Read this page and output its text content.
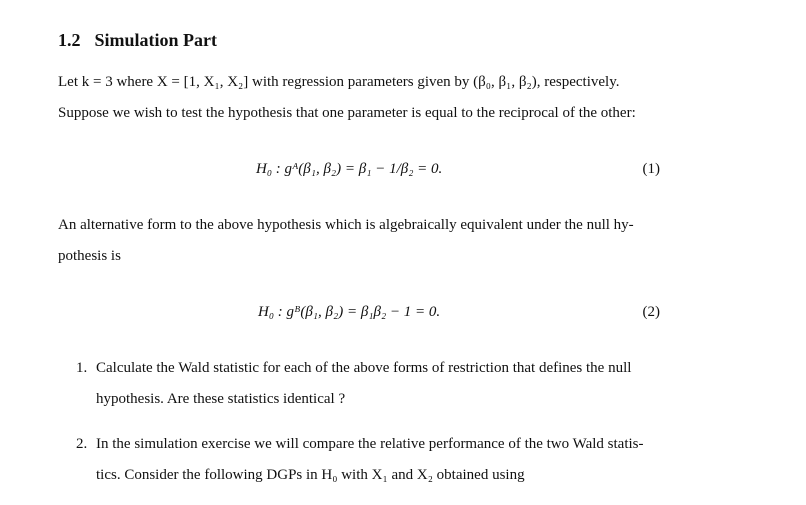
1.2 Simulation Part
Let k = 3 where X = [1, X₁, X₂] with regression parameters given by (β₀, β₁, β₂), respectively.
Suppose we wish to test the hypothesis that one parameter is equal to the reciprocal of the other:
H₀ : gᴬ(β₁, β₂) = β₁ − 1/β₂ = 0.	(1)
An alternative form to the above hypothesis which is algebraically equivalent under the null hy-
pothesis is
H₀ : gᴮ(β₁, β₂) = β₁β₂ − 1 = 0.	(2)
1. Calculate the Wald statistic for each of the above forms of restriction that defines the null
hypothesis. Are these statistics identical ?
2. In the simulation exercise we will compare the relative performance of the two Wald statis-
tics. Consider the following DGPs in H₀ with X₁ and X₂ obtained using
